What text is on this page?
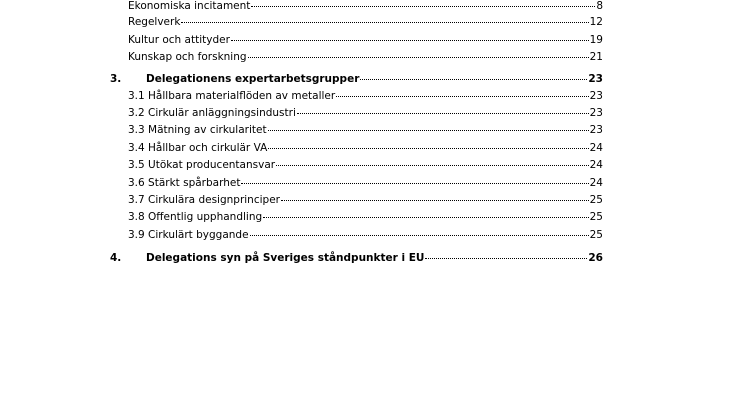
Ekonomiska incitament	8
Regelverk	12
Kultur och attityder	19
Kunskap och forskning	21
3. Delegationens expertarbetsgrupper	23
3.1 Hållbara materialflöden av metaller	23
3.2 Cirkulär anläggningsindustri	23
3.3 Mätning av cirkularitet	23
3.4 Hållbar och cirkulär VA	24
3.5 Utökat producentansvar	24
3.6 Stärkt spårbarhet	24
3.7 Cirkulära designprinciper	25
3.8 Offentlig upphandling	25
3.9 Cirkulärt byggande	25
4. Delegations syn på Sveriges ståndpunkter i EU	26
